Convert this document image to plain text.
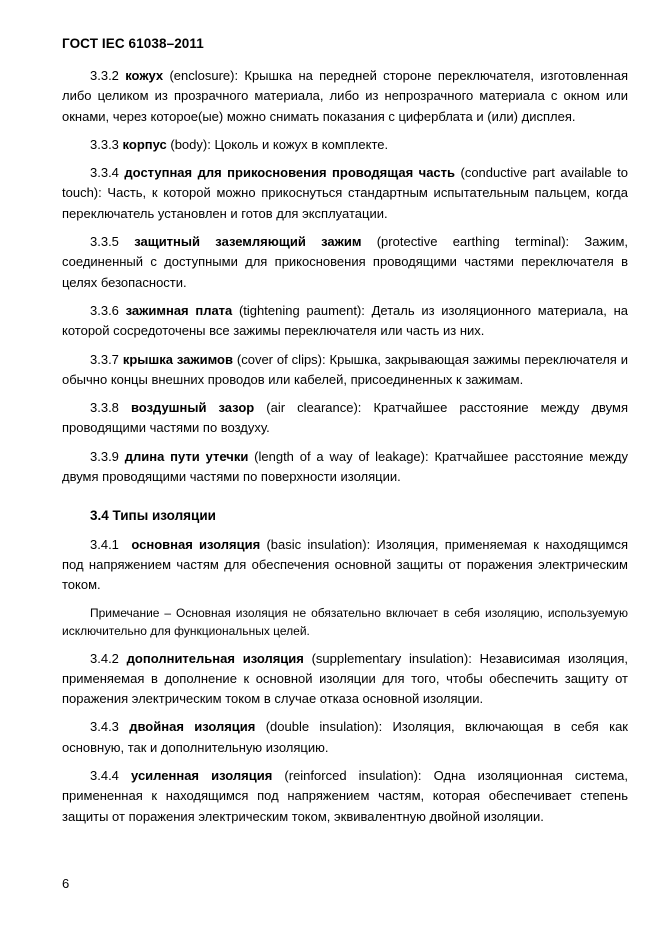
ГОСТ IEC 61038–2011

3.3.2 кожух (enclosure): Крышка на передней стороне переключателя, изготовленная либо целиком из прозрачного материала, либо из непрозрачного материала с окном или окнами, через которое(ые) можно снимать показания с циферблата и (или) дисплея.

3.3.3 корпус (body): Цоколь и кожух в комплекте.

3.3.4 доступная для прикосновения проводящая часть (conductive part available to touch): Часть, к которой можно прикоснуться стандартным испытательным пальцем, когда переключатель установлен и готов для эксплуатации.

3.3.5 защитный заземляющий зажим (protective earthing terminal): Зажим, соединенный с доступными для прикосновения проводящими частями переключателя в целях безопасности.

3.3.6 зажимная плата (tightening paument): Деталь из изоляционного материала, на которой сосредоточены все зажимы переключателя или часть из них.

3.3.7 крышка зажимов (cover of clips): Крышка, закрывающая зажимы переключателя и обычно концы внешних проводов или кабелей, присоединенных к зажимам.

3.3.8 воздушный зазор (air clearance): Кратчайшее расстояние между двумя проводящими частями по воздуху.

3.3.9 длина пути утечки (length of a way of leakage): Кратчайшее расстояние между двумя проводящими частями по поверхности изоляции.

3.4 Типы изоляции

3.4.1 основная изоляция (basic insulation): Изоляция, применяемая к находящимся под напряжением частям для обеспечения основной защиты от поражения электрическим током.

Примечание – Основная изоляция не обязательно включает в себя изоляцию, используемую исключительно для функциональных целей.

3.4.2 дополнительная изоляция (supplementary insulation): Независимая изоляция, применяемая в дополнение к основной изоляции для того, чтобы обеспечить защиту от поражения электрическим током в случае отказа основной изоляции.

3.4.3 двойная изоляция (double insulation): Изоляция, включающая в себя как основную, так и дополнительную изоляцию.

3.4.4 усиленная изоляция (reinforced insulation): Одна изоляционная система, примененная к находящимся под напряжением частям, которая обеспечивает степень защиты от поражения электрическим током, эквивалентную двойной изоляции.

6
